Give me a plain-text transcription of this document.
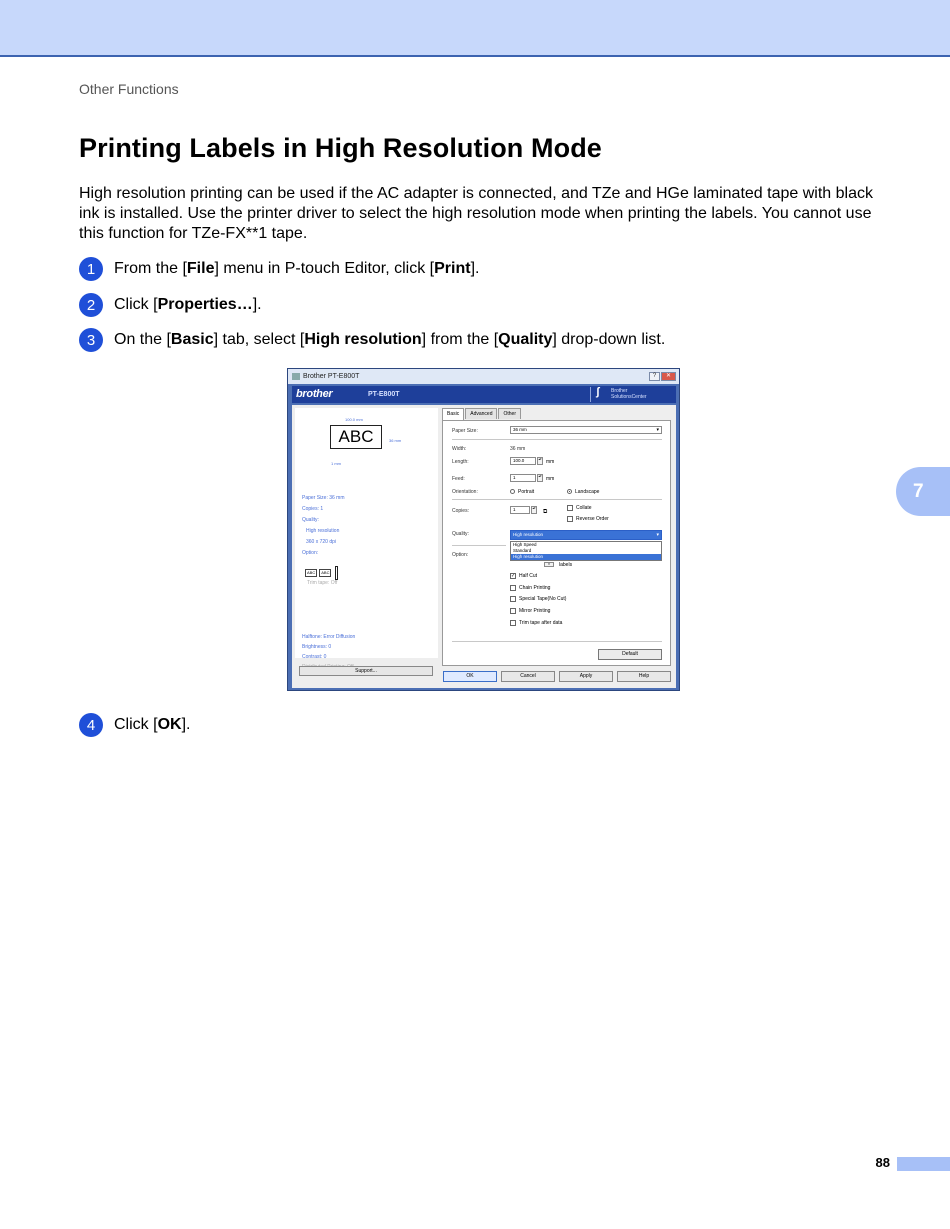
Other Functions
Printing Labels in High Resolution Mode

High resolution printing can be used if the AC adapter is connected, and TZe and HGe laminated tape with black ink is installed. Use the printer driver to select the high resolution mode when printing the labels. You cannot use this function for TZe-FX**1 tape.

1	From the [File] menu in P-touch Editor, click [Print].
2	Click [Properties…].
3	On the [Basic] tab, select [High resolution] from the [Quality] drop-down list.
Brother PT-E800T	?	✕
brother	PT-E800T	ʃ Brother
SolutionsCenter
100.0 mm
ABC	36 mm
1 mm
Paper Size: 36 mm
Copies: 1
Quality:
High resolution
360 x 720 dpi
Option:
ABC	ABC
Trim tape: Off
Halftone: Error Diffusion
Brightness: 0
Contrast: 0
Support...
Basic	Advanced	Other
Paper Size:	36 mm	▾
Width:	36 mm
Length:	100.0	▴▾ mm
Feed:	1	▴▾ mm
Orientation:	Portrait	Landscape
Copies:	1	▴▾
⧉
Collate
Reverse Order
Quality:	High resolution	▾
High Speed
Standard
High resolution
Option:
▾	labels
✓ Half Cut
Chain Printing
Special Tape(No Cut)
Mirror Printing
Trim tape after data
Default
OK	Cancel	Apply	Help
4	Click [OK].
7
88
